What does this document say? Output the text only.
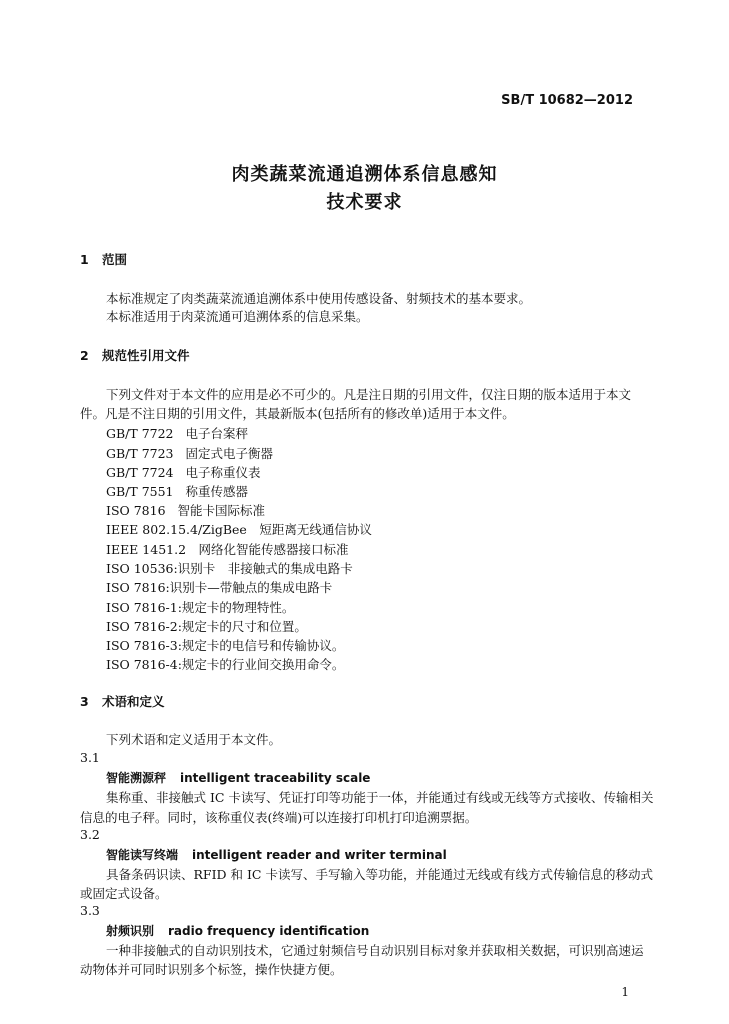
SB/T 10682—2012
肉类蔬菜流通追溯体系信息感知
技术要求
1 范围
本标准规定了肉类蔬菜流通追溯体系中使用传感设备、射频技术的基本要求。
本标准适用于肉菜流通可追溯体系的信息采集。
2 规范性引用文件
下列文件对于本文件的应用是必不可少的。凡是注日期的引用文件，仅注日期的版本适用于本文
件。凡是不注日期的引用文件，其最新版本(包括所有的修改单)适用于本文件。
GB/T 7722 电子台案秤
GB/T 7723 固定式电子衡器
GB/T 7724 电子称重仪表
GB/T 7551 称重传感器
ISO 7816 智能卡国际标准
IEEE 802.15.4/ZigBee　短距离无线通信协议
IEEE 1451.2　网络化智能传感器接口标准
ISO 10536:识别卡　非接触式的集成电路卡
ISO 7816:识别卡—带触点的集成电路卡
ISO 7816-1:规定卡的物理特性。
ISO 7816-2:规定卡的尺寸和位置。
ISO 7816-3:规定卡的电信号和传输协议。
ISO 7816-4:规定卡的行业间交换用命令。
3 术语和定义
下列术语和定义适用于本文件。
3.1
智能溯源秤 intelligent traceability scale
集称重、非接触式 IC 卡读写、凭证打印等功能于一体，并能通过有线或无线等方式接收、传输相关
信息的电子秤。同时，该称重仪表(终端)可以连接打印机打印追溯票据。
3.2
智能读写终端 intelligent reader and writer terminal
具备条码识读、RFID 和 IC 卡读写、手写输入等功能，并能通过无线或有线方式传输信息的移动式
或固定式设备。
3.3
射频识别 radio frequency identification
一种非接触式的自动识别技术，它通过射频信号自动识别目标对象并获取相关数据，可识别高速运
动物体并可同时识别多个标签，操作快捷方便。
1
